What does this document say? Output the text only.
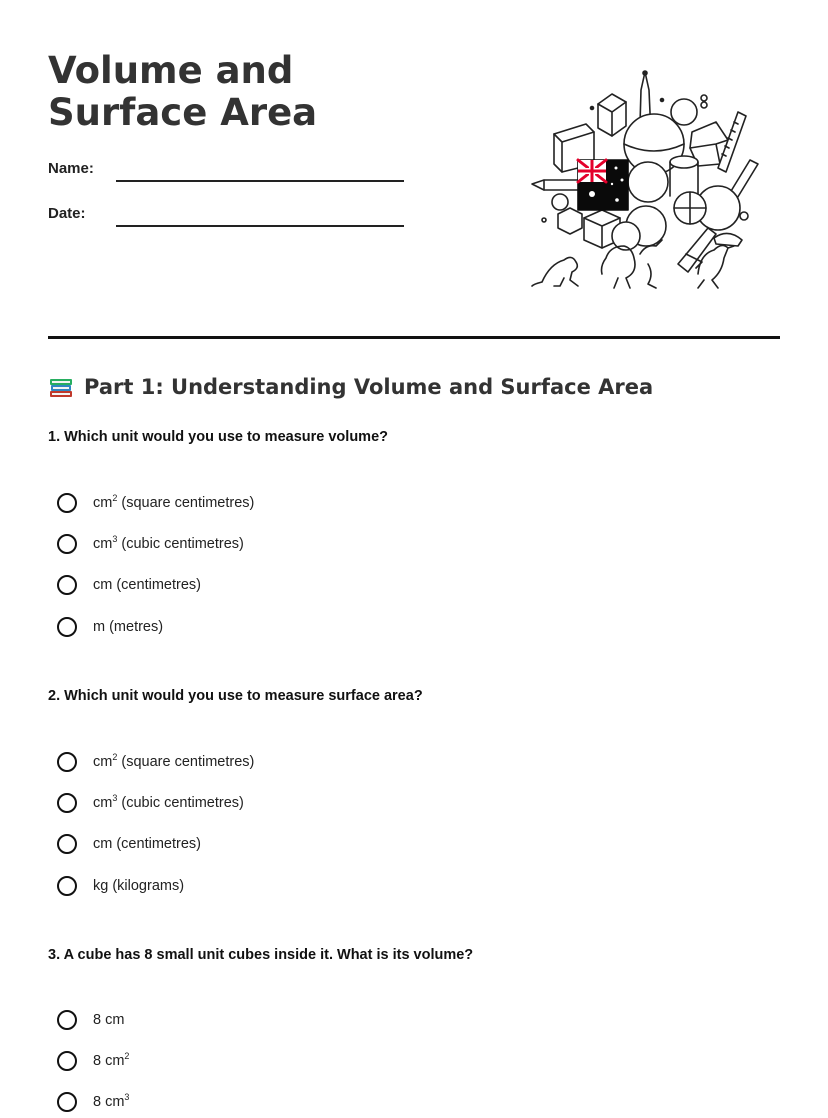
Volume and Surface Area
Name:
Date:
Part 1: Understanding Volume and Surface Area
1. Which unit would you use to measure volume?
$cm^2$ (square centimetres)
$cm^3$ (cubic centimetres)
cm (centimetres)
m (metres)
2. Which unit would you use to measure surface area?
$cm^2$ (square centimetres)
$cm^3$ (cubic centimetres)
cm (centimetres)
kg (kilograms)
3. A cube has 8 small unit cubes inside it. What is its volume?
8 cm
8 $cm^2$
8 $cm^3$
